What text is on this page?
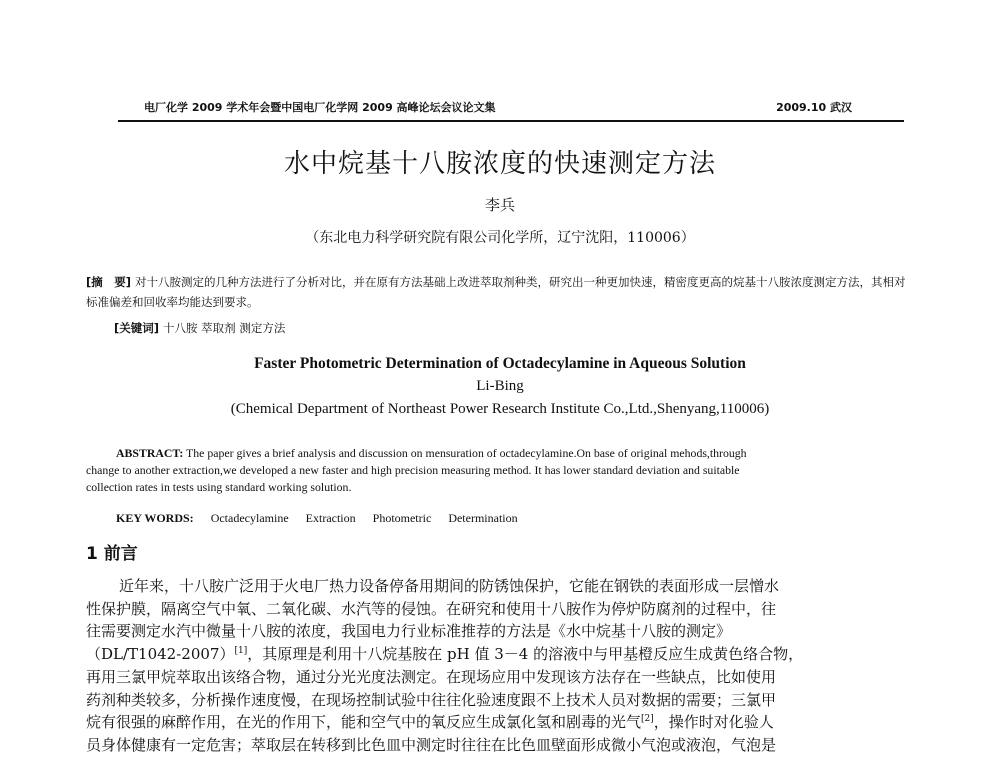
电厂化学 2009 学术年会暨中国电厂化学网 2009 高峰论坛会议论文集	2009.10 武汉
水中烷基十八胺浓度的快速测定方法
李兵
（东北电力科学研究院有限公司化学所，辽宁沈阳，110006）
[摘　要] 对十八胺测定的几种方法进行了分析对比，并在原有方法基础上改进萃取剂种类，研究出一种更加快速，精密度更高的烷基十八胺浓度测定方法，其相对标准偏差和回收率均能达到要求。
[关键词] 十八胺 萃取剂 测定方法
Faster Photometric Determination of Octadecylamine in Aqueous Solution
Li-Bing
(Chemical Department of Northeast Power Research Institute Co.,Ltd.,Shenyang,110006)
ABSTRACT: The paper gives a brief analysis and discussion on mensuration of octadecylamine.On base of original mehods,through
change to another extraction,we developed a new faster and high precision measuring method. It has lower standard deviation and suitable
collection rates in tests using standard working solution.
KEY WORDS: Octadecylamine Extraction Photometric Determination
1 前言
近年来，十八胺广泛用于火电厂热力设备停备用期间的防锈蚀保护，它能在钢铁的表面形成一层憎水
性保护膜，隔离空气中氧、二氧化碳、水汽等的侵蚀。在研究和使用十八胺作为停炉防腐剂的过程中，往
往需要测定水汽中微量十八胺的浓度，我国电力行业标准推荐的方法是《水中烷基十八胺的测定》
（DL/T1042-2007）[1]，其原理是利用十八烷基胺在 pH 值 3－4 的溶液中与甲基橙反应生成黄色络合物，
再用三氯甲烷萃取出该络合物，通过分光光度法测定。在现场应用中发现该方法存在一些缺点，比如使用
药剂种类较多，分析操作速度慢，在现场控制试验中往往化验速度跟不上技术人员对数据的需要；三氯甲
烷有很强的麻醉作用，在光的作用下，能和空气中的氧反应生成氯化氢和剧毒的光气[2]，操作时对化验人
员身体健康有一定危害；萃取层在转移到比色皿中测定时往往在比色皿壁面形成微小气泡或液泡，气泡是
